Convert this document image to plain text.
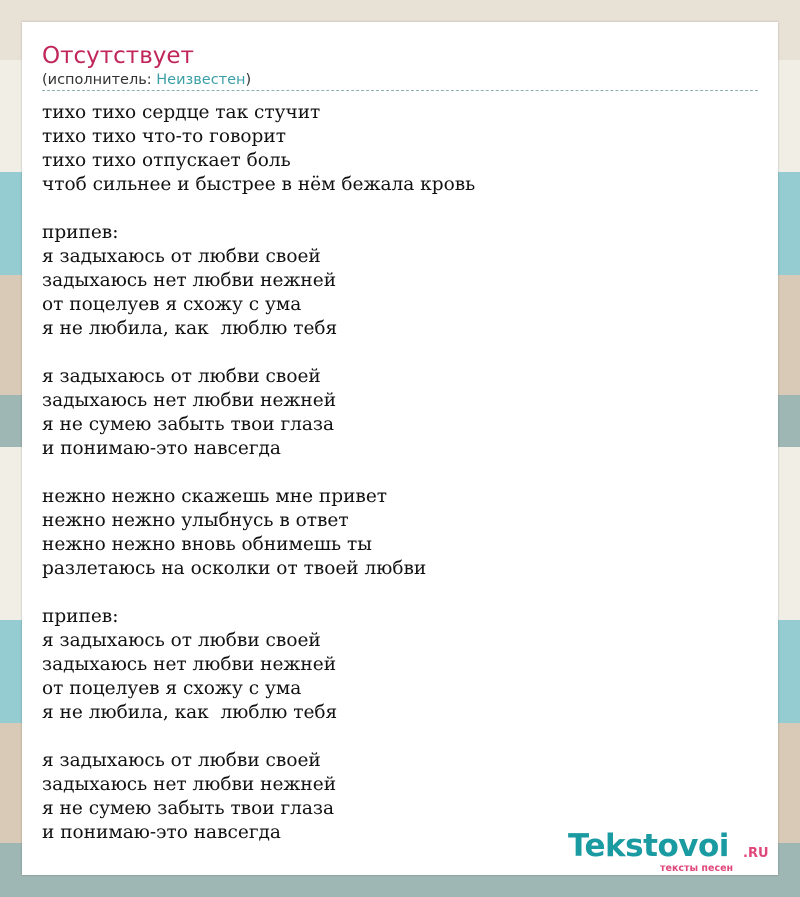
Отсутствует
(исполнитель: Неизвестен)
тихо тихо сердце так стучит
тихо тихо что-то говорит
тихо тихо отпускает боль
чтоб сильнее и быстрее в нём бежала кровь
припев:
я задыхаюсь от любви своей
задыхаюсь нет любви нежней
от поцелуев я схожу с ума
я не любила, как  люблю тебя
я задыхаюсь от любви своей
задыхаюсь нет любви нежней
я не сумею забыть твои глаза
и понимаю-это навсегда
нежно нежно скажешь мне привет
нежно нежно улыбнусь в ответ
нежно нежно вновь обнимешь ты
разлетаюсь на осколки от твоей любви
припев:
я задыхаюсь от любви своей
задыхаюсь нет любви нежней
от поцелуев я схожу с ума
я не любила, как  люблю тебя
я задыхаюсь от любви своей
задыхаюсь нет любви нежней
я не сумею забыть твои глаза
и понимаю-это навсегда	Tekstovoi .RU
тексты песен
